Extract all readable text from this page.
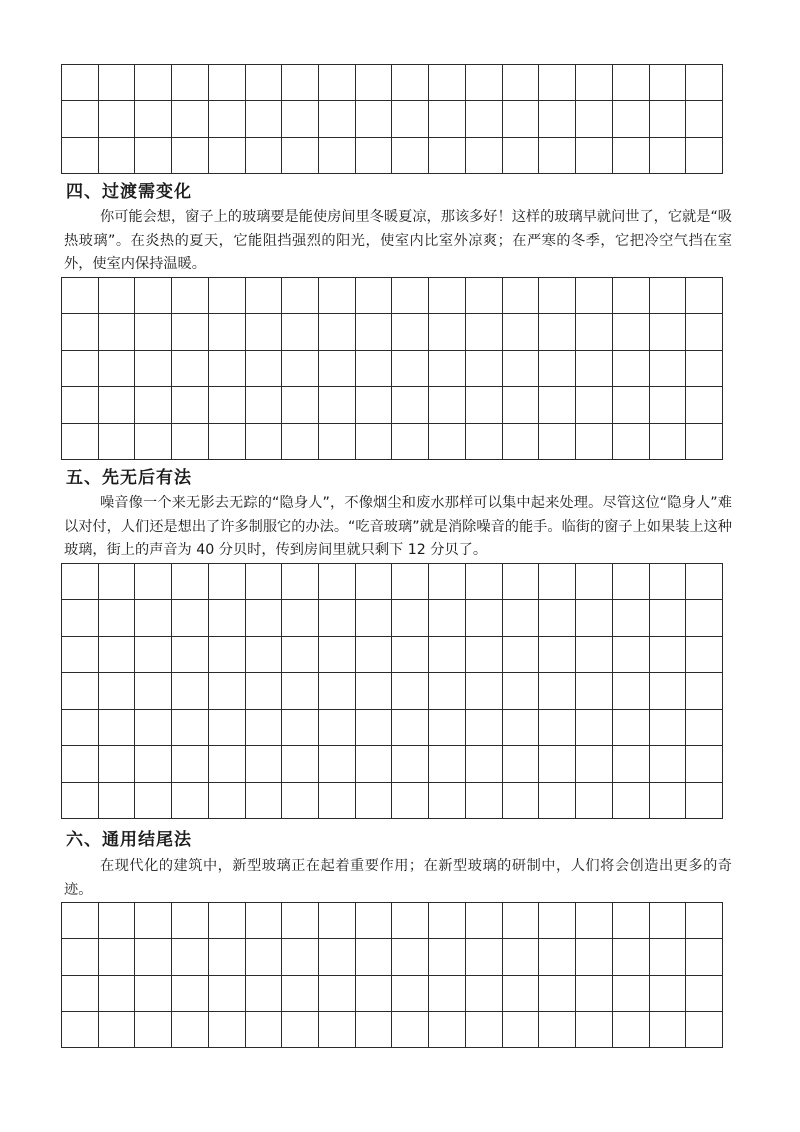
四、过渡需变化

你可能会想，窗子上的玻璃要是能使房间里冬暖夏凉，那该多好！这样的玻璃早就问世了，它就是“吸热玻璃”。在炎热的夏天，它能阻挡强烈的阳光，使室内比室外凉爽；在严寒的冬季，它把冷空气挡在室外，使室内保持温暖。

五、先无后有法

噪音像一个来无影去无踪的“隐身人”，不像烟尘和废水那样可以集中起来处理。尽管这位“隐身人”难以对付，人们还是想出了许多制服它的办法。“吃音玻璃”就是消除噪音的能手。临街的窗子上如果装上这种玻璃，街上的声音为 40 分贝时，传到房间里就只剩下 12 分贝了。

六、通用结尾法

在现代化的建筑中，新型玻璃正在起着重要作用；在新型玻璃的研制中，人们将会创造出更多的奇迹。
